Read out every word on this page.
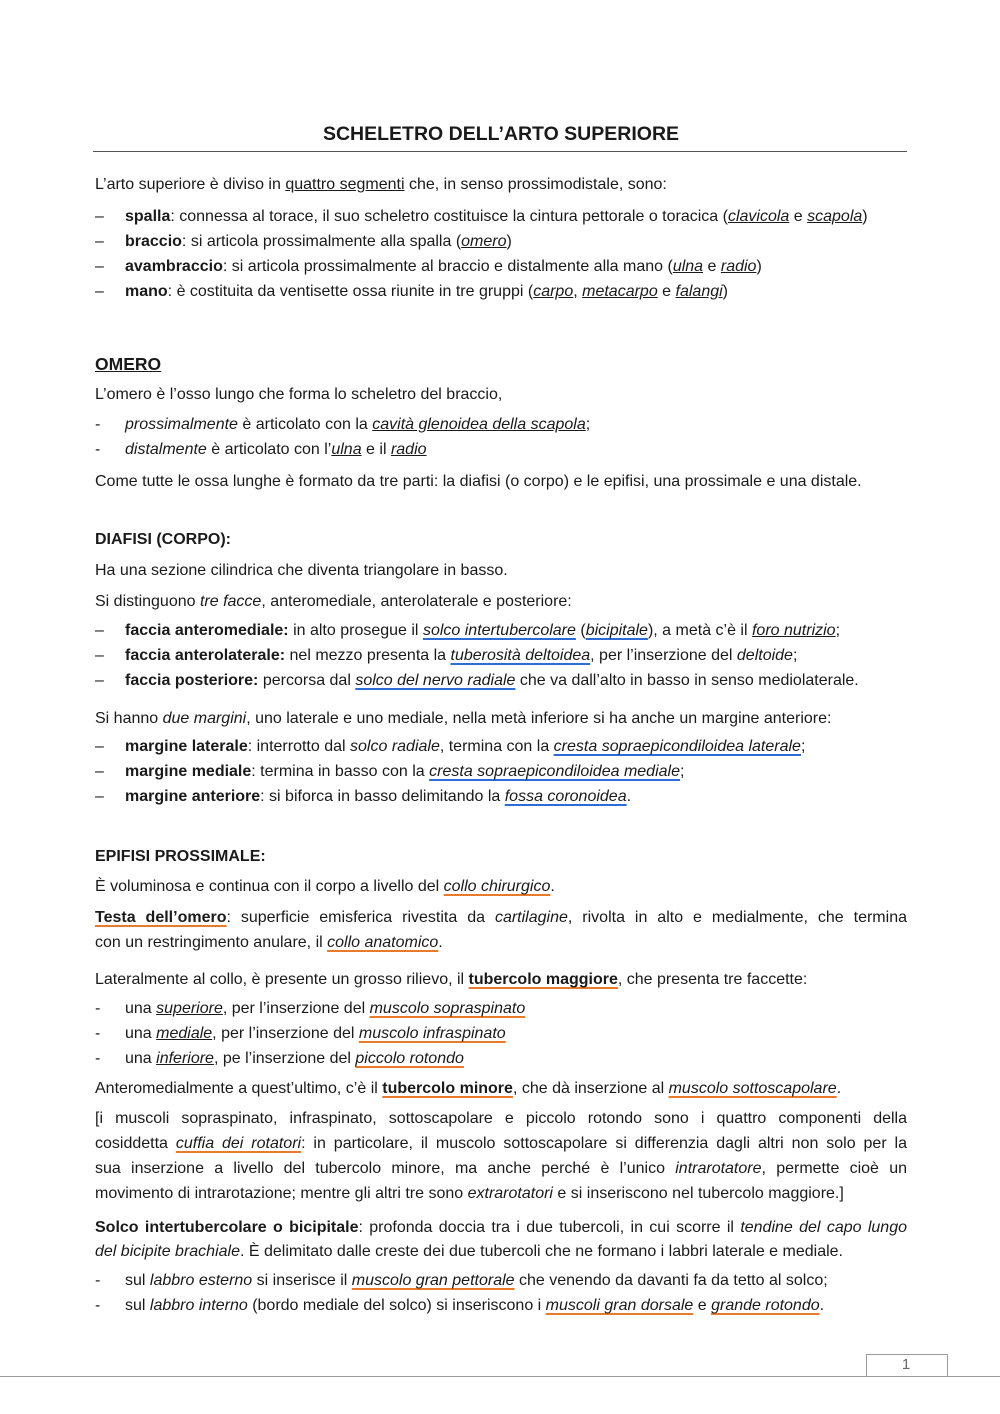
SCHELETRO DELL’ARTO SUPERIORE
L’arto superiore è diviso in quattro segmenti che, in senso prossimodistale, sono:
–	spalla: connessa al torace, il suo scheletro costituisce la cintura pettorale o toracica (clavicola e scapola)
–	braccio: si articola prossimalmente alla spalla (omero)
–	avambraccio: si articola prossimalmente al braccio e distalmente alla mano (ulna e radio)
–	mano: è costituita da ventisette ossa riunite in tre gruppi (carpo, metacarpo e falangi)
OMERO
L’omero è l’osso lungo che forma lo scheletro del braccio,
-	prossimalmente è articolato con la cavità glenoidea della scapola;
-	distalmente è articolato con l’ulna e il radio
Come tutte le ossa lunghe è formato da tre parti: la diafisi (o corpo) e le epifisi, una prossimale e una distale.
DIAFISI (CORPO):
Ha una sezione cilindrica che diventa triangolare in basso.
Si distinguono tre facce, anteromediale, anterolaterale e posteriore:
–	faccia anteromediale: in alto prosegue il solco intertubercolare (bicipitale), a metà c’è il foro nutrizio;
–	faccia anterolaterale: nel mezzo presenta la tuberosità deltoidea, per l’inserzione del deltoide;
–	faccia posteriore: percorsa dal solco del nervo radiale che va dall’alto in basso in senso mediolaterale.
Si hanno due margini, uno laterale e uno mediale, nella metà inferiore si ha anche un margine anteriore:
–	margine laterale: interrotto dal solco radiale, termina con la cresta sopraepicondiloidea laterale;
–	margine mediale: termina in basso con la cresta sopraepicondiloidea mediale;
–	margine anteriore: si biforca in basso delimitando la fossa coronoidea.
EPIFISI PROSSIMALE:
È voluminosa e continua con il corpo a livello del collo chirurgico.
Testa dell’omero: superficie emisferica rivestita da cartilagine, rivolta in alto e medialmente, che termina
con un restringimento anulare, il collo anatomico.
Lateralmente al collo, è presente un grosso rilievo, il tubercolo maggiore, che presenta tre faccette:
-	una superiore, per l’inserzione del muscolo sopraspinato
-	una mediale, per l’inserzione del muscolo infraspinato
-	una inferiore, pe l’inserzione del piccolo rotondo
Anteromedialmente a quest’ultimo, c’è il tubercolo minore, che dà inserzione al muscolo sottoscapolare.
[i muscoli sopraspinato, infraspinato, sottoscapolare e piccolo rotondo sono i quattro componenti della
cosiddetta cuffia dei rotatori: in particolare, il muscolo sottoscapolare si differenzia dagli altri non solo per la
sua inserzione a livello del tubercolo minore, ma anche perché è l’unico intrarotatore, permette cioè un
movimento di intrarotazione; mentre gli altri tre sono extrarotatori e si inseriscono nel tubercolo maggiore.]
Solco intertubercolare o bicipitale: profonda doccia tra i due tubercoli, in cui scorre il tendine del capo lungo
del bicipite brachiale. È delimitato dalle creste dei due tubercoli che ne formano i labbri laterale e mediale.
-	sul labbro esterno si inserisce il muscolo gran pettorale che venendo da davanti fa da tetto al solco;
-	sul labbro interno (bordo mediale del solco) si inseriscono i muscoli gran dorsale e grande rotondo.
1
